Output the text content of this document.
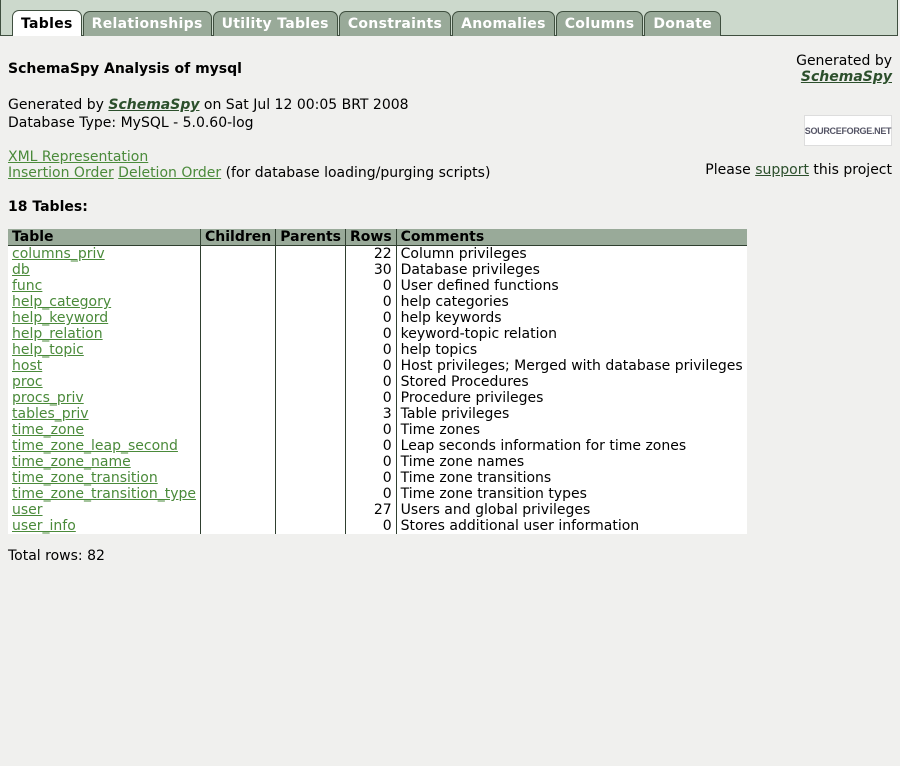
Tables	Relationships	Utility Tables	Constraints	Anomalies	Columns	Donate
SchemaSpy Analysis of mysql
Generated by SchemaSpy on Sat Jul 12 00:05 BRT 2008
Database Type: MySQL - 5.0.60-log
XML Representation
Insertion Order Deletion Order (for database loading/purging scripts)
18 Tables:
Generated by
SchemaSpy
SOURCEFORGE.NET
Please support this project
Table	Children	Parents	Rows	Comments
columns_priv			22	Column privileges
db			30	Database privileges
func			0	User defined functions
help_category			0	help categories
help_keyword			0	help keywords
help_relation			0	keyword-topic relation
help_topic			0	help topics
host			0	Host privileges; Merged with database privileges
proc			0	Stored Procedures
procs_priv			0	Procedure privileges
tables_priv			3	Table privileges
time_zone			0	Time zones
time_zone_leap_second			0	Leap seconds information for time zones
time_zone_name			0	Time zone names
time_zone_transition			0	Time zone transitions
time_zone_transition_type			0	Time zone transition types
user			27	Users and global privileges
user_info			0	Stores additional user information
Total rows: 82
